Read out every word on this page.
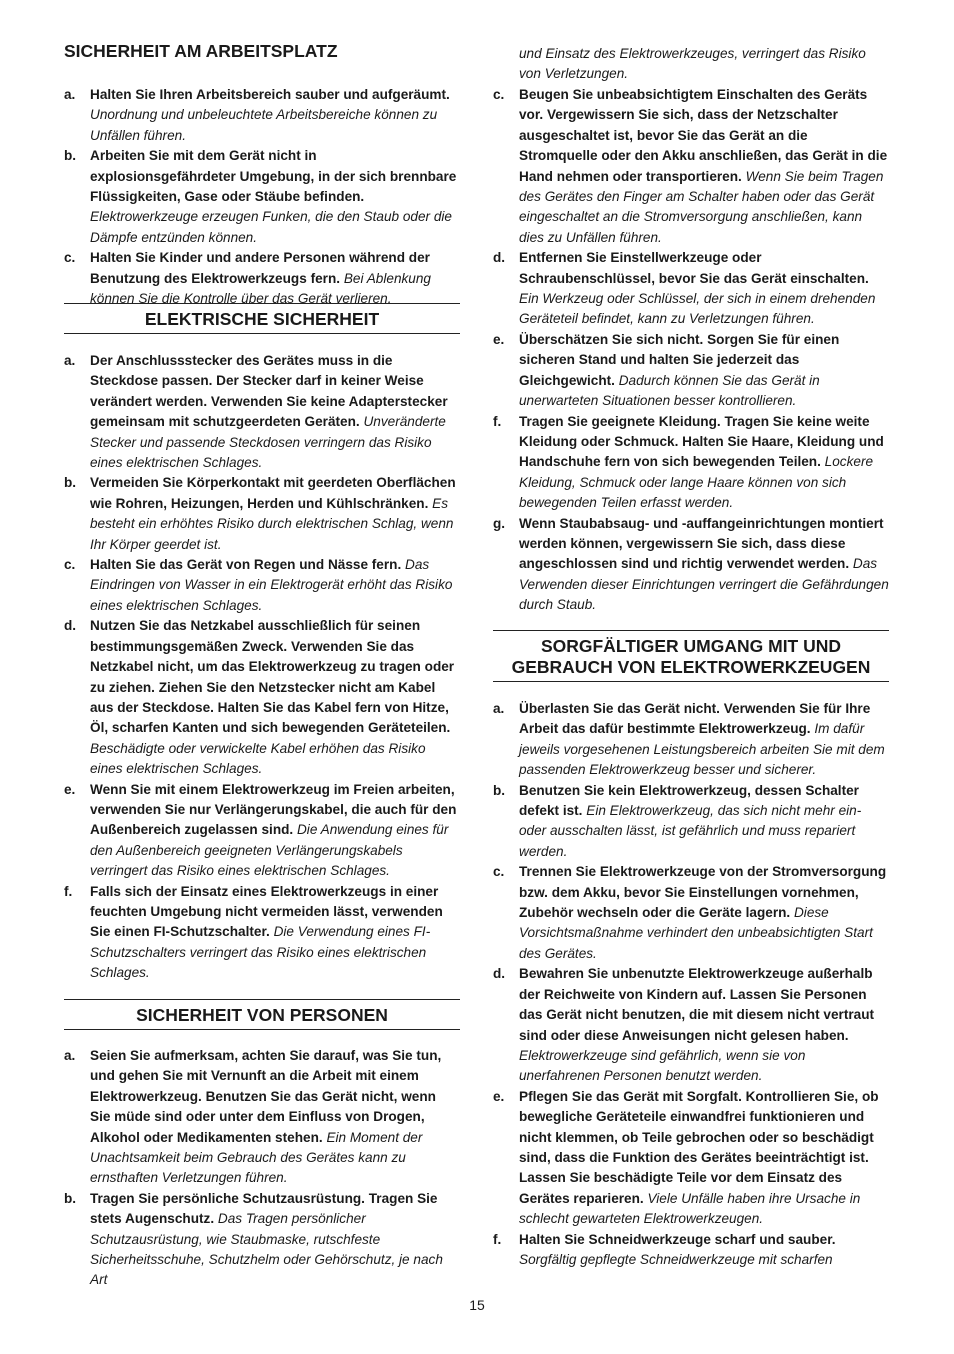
SICHERHEIT AM ARBEITSPLATZ
a. Halten Sie Ihren Arbeitsbereich sauber und aufgeräumt.
Unordnung und unbeleuchtete Arbeitsbereiche können zu Unfällen führen.
b. Arbeiten Sie mit dem Gerät nicht in explosionsgefährdeter Umgebung, in der sich brennbare Flüssigkeiten, Gase oder Stäube befinden. Elektrowerkzeuge erzeugen Funken, die den Staub oder die Dämpfe entzünden können.
c. Halten Sie Kinder und andere Personen während der Benutzung des Elektrowerkzeugs fern. Bei Ablenkung können Sie die Kontrolle über das Gerät verlieren.
ELEKTRISCHE SICHERHEIT
a. Der Anschlussstecker des Gerätes muss in die Steckdose passen. Der Stecker darf in keiner Weise verändert werden. Verwenden Sie keine Adapterstecker gemeinsam mit schutzgeerdeten Geräten. Unveränderte Stecker und passende Steckdosen verringern das Risiko eines elektrischen Schlages.
b. Vermeiden Sie Körperkontakt mit geerdeten Oberflächen wie Rohren, Heizungen, Herden und Kühlschränken. Es besteht ein erhöhtes Risiko durch elektrischen Schlag, wenn Ihr Körper geerdet ist.
c. Halten Sie das Gerät von Regen und Nässe fern. Das Eindringen von Wasser in ein Elektrogerät erhöht das Risiko eines elektrischen Schlages.
d. Nutzen Sie das Netzkabel ausschließlich für seinen bestimmungsgemäßen Zweck. Verwenden Sie das Netzkabel nicht, um das Elektrowerkzeug zu tragen oder zu ziehen. Ziehen Sie den Netzstecker nicht am Kabel aus der Steckdose. Halten Sie das Kabel fern von Hitze, Öl, scharfen Kanten und sich bewegenden Geräteteilen. Beschädigte oder verwickelte Kabel erhöhen das Risiko eines elektrischen Schlages.
e. Wenn Sie mit einem Elektrowerkzeug im Freien arbeiten, verwenden Sie nur Verlängerungskabel, die auch für den Außenbereich zugelassen sind. Die Anwendung eines für den Außenbereich geeigneten Verlängerungskabels verringert das Risiko eines elektrischen Schlages.
f. Falls sich der Einsatz eines Elektrowerkzeugs in einer feuchten Umgebung nicht vermeiden lässt, verwenden Sie einen FI-Schutzschalter. Die Verwendung eines FI-Schutzschalters verringert das Risiko eines elektrischen Schlages.
SICHERHEIT VON PERSONEN
a. Seien Sie aufmerksam, achten Sie darauf, was Sie tun, und gehen Sie mit Vernunft an die Arbeit mit einem Elektrowerkzeug. Benutzen Sie das Gerät nicht, wenn Sie müde sind oder unter dem Einfluss von Drogen, Alkohol oder Medikamenten stehen. Ein Moment der Unachtsamkeit beim Gebrauch des Gerätes kann zu ernsthaften Verletzungen führen.
b. Tragen Sie persönliche Schutzausrüstung. Tragen Sie stets Augenschutz. Das Tragen persönlicher Schutzausrüstung, wie Staubmaske, rutschfeste Sicherheitsschuhe, Schutzhelm oder Gehörschutz, je nach Art
und Einsatz des Elektrowerkzeuges, verringert das Risiko von Verletzungen.
c. Beugen Sie unbeabsichtigtem Einschalten des Geräts vor. Vergewissern Sie sich, dass der Netzschalter ausgeschaltet ist, bevor Sie das Gerät an die Stromquelle oder den Akku anschließen, das Gerät in die Hand nehmen oder transportieren. Wenn Sie beim Tragen des Gerätes den Finger am Schalter haben oder das Gerät eingeschaltet an die Stromversorgung anschließen, kann dies zu Unfällen führen.
d. Entfernen Sie Einstellwerkzeuge oder Schraubenschlüssel, bevor Sie das Gerät einschalten. Ein Werkzeug oder Schlüssel, der sich in einem drehenden Geräteteil befindet, kann zu Verletzungen führen.
e. Überschätzen Sie sich nicht. Sorgen Sie für einen sicheren Stand und halten Sie jederzeit das Gleichgewicht. Dadurch können Sie das Gerät in unerwarteten Situationen besser kontrollieren.
f. Tragen Sie geeignete Kleidung. Tragen Sie keine weite Kleidung oder Schmuck. Halten Sie Haare, Kleidung und Handschuhe fern von sich bewegenden Teilen. Lockere Kleidung, Schmuck oder lange Haare können von sich bewegenden Teilen erfasst werden.
g. Wenn Staubabsaug- und -auffangeinrichtungen montiert werden können, vergewissern Sie sich, dass diese angeschlossen sind und richtig verwendet werden. Das Verwenden dieser Einrichtungen verringert die Gefährdungen durch Staub.
SORGFÄLTIGER UMGANG MIT UND
GEBRAUCH VON ELEKTROWERKZEUGEN
a. Überlasten Sie das Gerät nicht. Verwenden Sie für Ihre Arbeit das dafür bestimmte Elektrowerkzeug. Im dafür jeweils vorgesehenen Leistungsbereich arbeiten Sie mit dem passenden Elektrowerkzeug besser und sicherer.
b. Benutzen Sie kein Elektrowerkzeug, dessen Schalter defekt ist. Ein Elektrowerkzeug, das sich nicht mehr ein- oder ausschalten lässt, ist gefährlich und muss repariert werden.
c. Trennen Sie Elektrowerkzeuge von der Stromversorgung bzw. dem Akku, bevor Sie Einstellungen vornehmen, Zubehör wechseln oder die Geräte lagern. Diese Vorsichtsmaßnahme verhindert den unbeabsichtigten Start des Gerätes.
d. Bewahren Sie unbenutzte Elektrowerkzeuge außerhalb der Reichweite von Kindern auf. Lassen Sie Personen das Gerät nicht benutzen, die mit diesem nicht vertraut sind oder diese Anweisungen nicht gelesen haben. Elektrowerkzeuge sind gefährlich, wenn sie von unerfahrenen Personen benutzt werden.
e. Pflegen Sie das Gerät mit Sorgfalt. Kontrollieren Sie, ob bewegliche Geräteteile einwandfrei funktionieren und nicht klemmen, ob Teile gebrochen oder so beschädigt sind, dass die Funktion des Gerätes beeinträchtigt ist. Lassen Sie beschädigte Teile vor dem Einsatz des Gerätes reparieren. Viele Unfälle haben ihre Ursache in schlecht gewarteten Elektrowerkzeugen.
f. Halten Sie Schneidwerkzeuge scharf und sauber.
Sorgfältig gepflegte Schneidwerkzeuge mit scharfen
15
